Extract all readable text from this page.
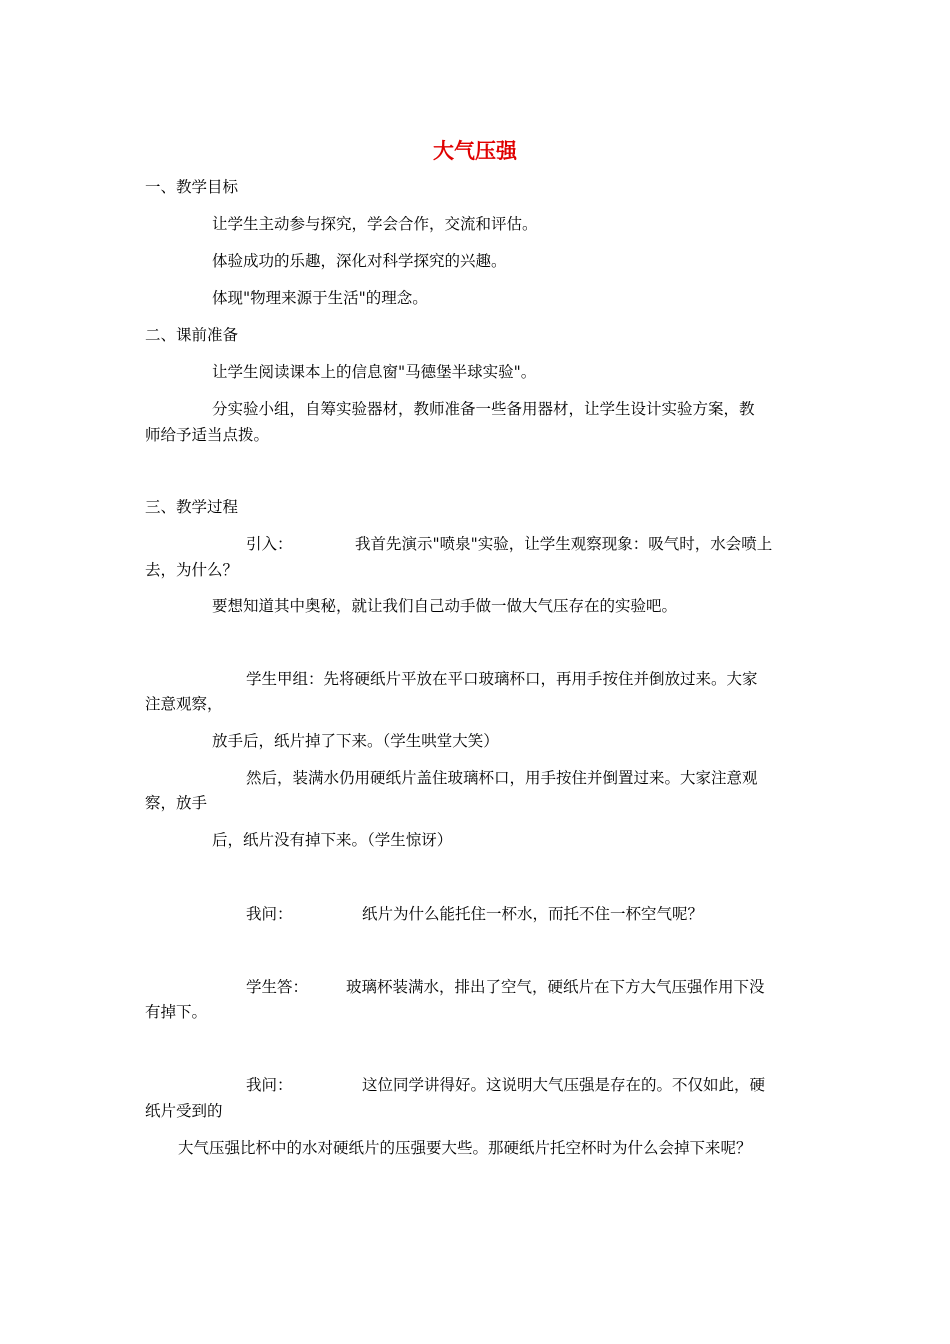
大气压强
一、教学目标
让学生主动参与探究，学会合作，交流和评估。
体验成功的乐趣，深化对科学探究的兴趣。
体现"物理来源于生活"的理念。
二、课前准备
让学生阅读课本上的信息窗"马德堡半球实验"。
分实验小组，自筹实验器材，教师准备一些备用器材，让学生设计实验方案，教
师给予适当点拨。
三、教学过程
引入：	我首先演示"喷泉"实验，让学生观察现象：吸气时，水会喷上
去，为什么？
要想知道其中奥秘，就让我们自己动手做一做大气压存在的实验吧。
学生甲组：先将硬纸片平放在平口玻璃杯口，再用手按住并倒放过来。大家
注意观察，
放手后，纸片掉了下来。（学生哄堂大笑）
然后，装满水仍用硬纸片盖住玻璃杯口，用手按住并倒置过来。大家注意观
察，放手
后，纸片没有掉下来。（学生惊讶）
我问：	纸片为什么能托住一杯水，而托不住一杯空气呢？
学生答： 玻璃杯装满水，排出了空气，硬纸片在下方大气压强作用下没
有掉下。
我问：	这位同学讲得好。这说明大气压强是存在的。不仅如此，硬
纸片受到的
大气压强比杯中的水对硬纸片的压强要大些。那硬纸片托空杯时为什么会掉下来呢？
